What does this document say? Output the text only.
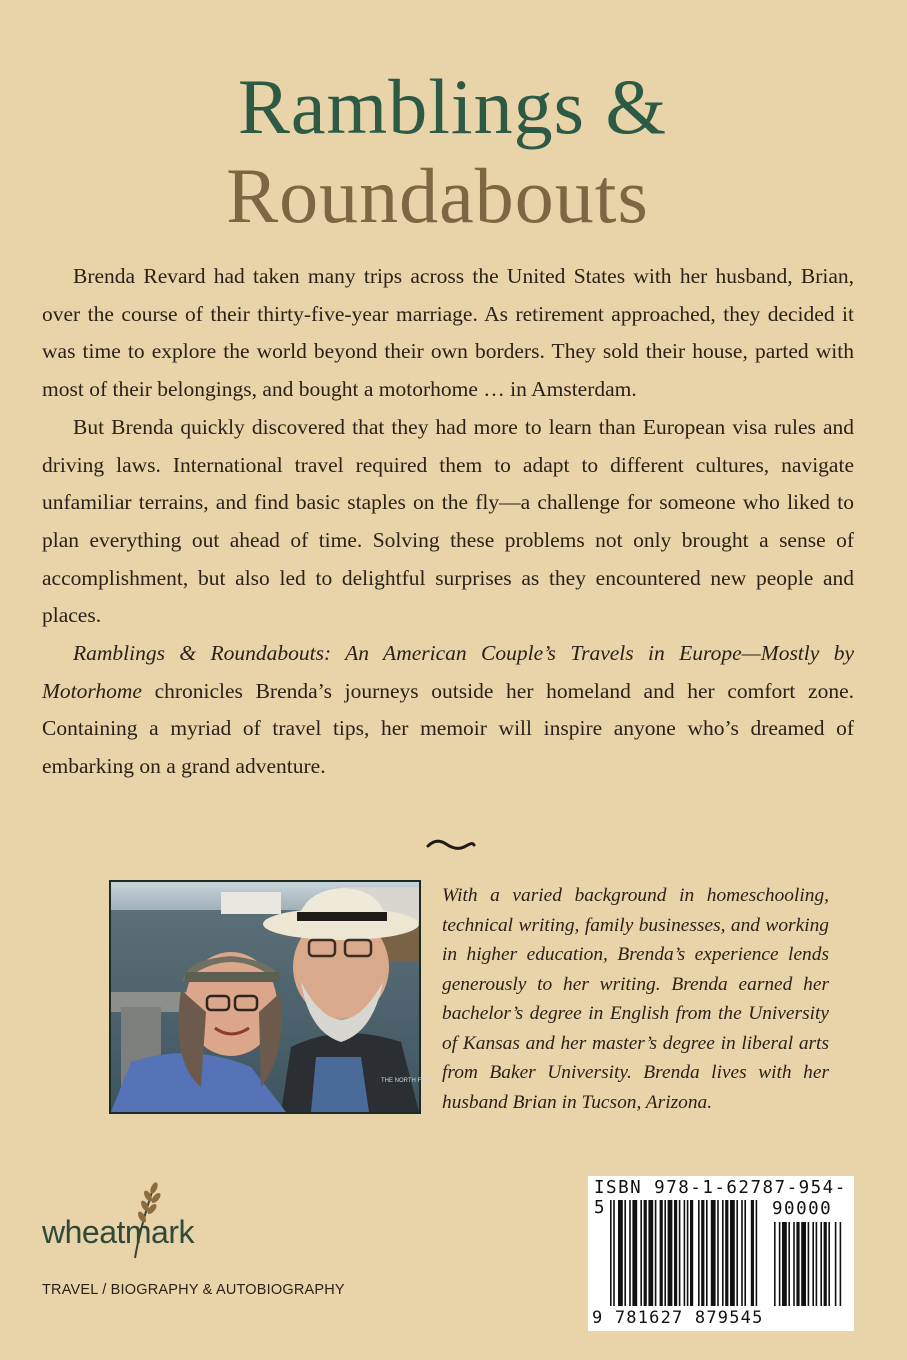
Ramblings &
Roundabouts

Brenda Revard had taken many trips across the United States with her husband, Brian, over the course of their thirty-five-year marriage. As retirement approached, they decided it was time to explore the world beyond their own borders. They sold their house, parted with most of their belongings, and bought a motorhome … in Amsterdam.

But Brenda quickly discovered that they had more to learn than European visa rules and driving laws. International travel required them to adapt to different cultures, navigate unfamiliar terrains, and find basic staples on the fly—a challenge for someone who liked to plan everything out ahead of time. Solving these problems not only brought a sense of accomplishment, but also led to delightful surprises as they encountered new people and places.

Ramblings & Roundabouts: An American Couple’s Travels in Europe—Mostly by Motorhome chronicles Brenda’s journeys outside her homeland and her comfort zone. Containing a myriad of travel tips, her memoir will inspire anyone who’s dreamed of embarking on a grand adventure.

THE NORTH FACE

With a varied background in homeschooling, technical writing, family businesses, and working in higher education, Brenda’s experience lends generously to her writing. Brenda earned her bachelor’s degree in English from the University of Kansas and her master’s degree in liberal arts from Baker University. Brenda lives with her husband Brian in Tucson, Arizona.

wheatmark
TRAVEL / BIOGRAPHY & AUTOBIOGRAPHY
ISBN 978-1-62787-954-5	90000
9 781627 879545
